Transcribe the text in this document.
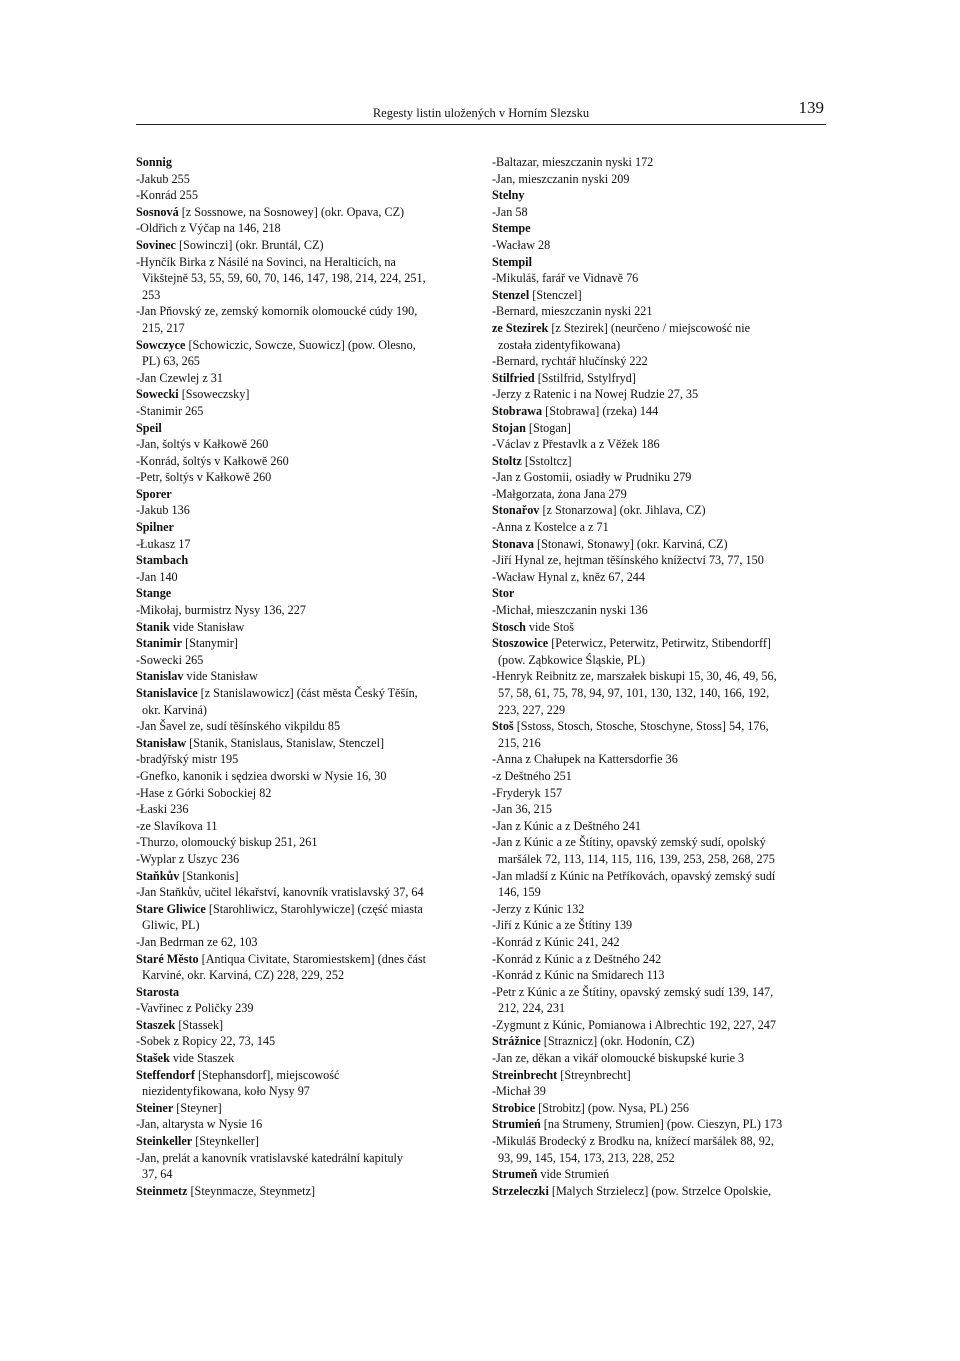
Regesty listin uložených v Horním Slezsku	139
Sonnig
-Jakub 255
-Konrád 255
Sosnová [z Sossnowe, na Sosnowey] (okr. Opava, CZ)
-Oldřich z Výčap na 146, 218
Sovinec [Sowinczi] (okr. Bruntál, CZ)
-Hynčík Birka z Násilé na Sovinci, na Heralticích, na
Vikštejně 53, 55, 59, 60, 70, 146, 147, 198, 214, 224, 251,
253
-Jan Pňovský ze, zemský komorník olomoucké cúdy 190,
215, 217
Sowczyce [Schowiczic, Sowcze, Suowicz] (pow. Olesno,
PL) 63, 265
-Jan Czewlej z 31
Sowecki [Ssoweczsky]
-Stanimir 265
Speil
-Jan, šoltýs v Kałkowě 260
-Konrád, šoltýs v Kałkowě 260
-Petr, šoltýs v Kałkowě 260
Sporer
-Jakub 136
Spilner
-Łukasz 17
Stambach
-Jan 140
Stange
-Mikołaj, burmistrz Nysy 136, 227
Stanik vide Stanisław
Stanimir [Stanymir]
-Sowecki 265
Stanislav vide Stanisław
Stanislavice [z Stanislawowicz] (část města Český Těšín,
okr. Karviná)
-Jan Šavel ze, sudí těšínského vikpildu 85
Stanisław [Stanik, Stanislaus, Stanislaw, Stenczel]
-bradýřský mistr 195
-Gnefko, kanonik i sędziea dworski w Nysie 16, 30
-Hase z Górki Sobockiej 82
-Łaski 236
-ze Slavíkova 11
-Thurzo, olomoucký biskup 251, 261
-Wyplar z Uszyc 236
Staňkův [Stankonis]
-Jan Staňkův, učitel lékařství, kanovník vratislavský 37, 64
Stare Gliwice [Starohliwicz, Starohlywicze] (część miasta
Gliwic, PL)
-Jan Bedrman ze 62, 103
Staré Město [Antiqua Civitate, Staromiestskem] (dnes část
Karviné, okr. Karviná, CZ) 228, 229, 252
Starosta
-Vavřinec z Poličky 239
Staszek [Stassek]
-Sobek z Ropicy 22, 73, 145
Stašek vide Staszek
Steffendorf [Stephansdorf], miejscowość
niezidentyfikowana, koło Nysy 97
Steiner [Steyner]
-Jan, altarysta w Nysie 16
Steinkeller [Steynkeller]
-Jan, prelát a kanovník vratislavské katedrální kapituly
37, 64
Steinmetz [Steynmacze, Steynmetz]
-Baltazar, mieszczanin nyski 172
-Jan, mieszczanin nyski 209
Stelny
-Jan 58
Stempe
-Wacław 28
Stempil
-Mikuláš, farář ve Vidnavě 76
Stenzel [Stenczel]
-Bernard, mieszczanin nyski 221
ze Stezirek [z Stezirek] (neurčeno / miejscowość nie
została zidentyfikowana)
-Bernard, rychtář hlučínský 222
Stilfried [Sstilfrid, Sstylfryd]
-Jerzy z Ratenic i na Nowej Rudzie 27, 35
Stobrawa [Stobrawa] (rzeka) 144
Stojan [Stogan]
-Václav z Přestavlk a z Věžek 186
Stoltz [Sstoltcz]
-Jan z Gostomii, osiadły w Prudniku 279
-Małgorzata, żona Jana 279
Stonařov [z Stonarzowa] (okr. Jihlava, CZ)
-Anna z Kostelce a z 71
Stonava [Stonawi, Stonawy] (okr. Karviná, CZ)
-Jiří Hynal ze, hejtman těšínského knížectví 73, 77, 150
-Wacław Hynal z, kněz 67, 244
Stor
-Michał, mieszczanin nyski 136
Stosch vide Stoš
Stoszowice [Peterwicz, Peterwitz, Petirwitz, Stibendorff]
(pow. Ząbkowice Śląskie, PL)
-Henryk Reibnitz ze, marszałek biskupi 15, 30, 46, 49, 56,
57, 58, 61, 75, 78, 94, 97, 101, 130, 132, 140, 166, 192,
223, 227, 229
Stoš [Sstoss, Stosch, Stosche, Stoschyne, Stoss] 54, 176,
215, 216
-Anna z Chałupek na Kattersdorfie 36
-z Deštného 251
-Fryderyk 157
-Jan 36, 215
-Jan z Kúnic a z Deštného 241
-Jan z Kúnic a ze Štítiny, opavský zemský sudí, opolský
maršálek 72, 113, 114, 115, 116, 139, 253, 258, 268, 275
-Jan mladší z Kúnic na Petříkovách, opavský zemský sudí
146, 159
-Jerzy z Kúnic 132
-Jiří z Kúnic a ze Štítiny 139
-Konrád z Kúnic 241, 242
-Konrád z Kúnic a z Deštného 242
-Konrád z Kúnic na Smidarech 113
-Petr z Kúnic a ze Štítiny, opavský zemský sudí 139, 147,
212, 224, 231
-Zygmunt z Kúnic, Pomianowa i Albrechtic 192, 227, 247
Strážnice [Straznicz] (okr. Hodonín, CZ)
-Jan ze, děkan a vikář olomoucké biskupské kurie 3
Streinbrecht [Streynbrecht]
-Michał 39
Strobice [Strobitz] (pow. Nysa, PL) 256
Strumień [na Strumeny, Strumien] (pow. Cieszyn, PL) 173
-Mikuláš Brodecký z Brodku na, knížecí maršálek 88, 92,
93, 99, 145, 154, 173, 213, 228, 252
Strumeň vide Strumień
Strzeleczki [Malych Strzielecz] (pow. Strzelce Opolskie,
